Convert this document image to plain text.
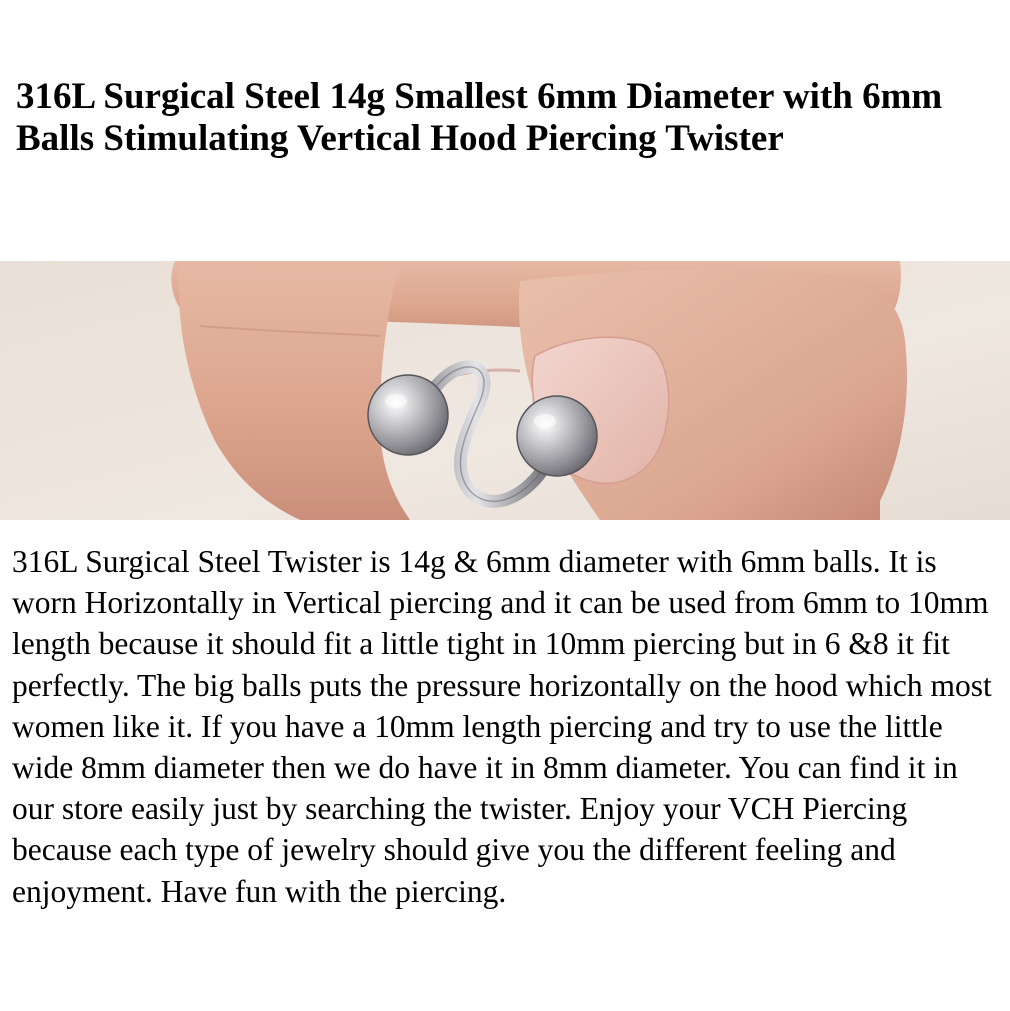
316L Surgical Steel 14g Smallest 6mm Diameter with 6mm Balls Stimulating Vertical Hood Piercing Twister

316L Surgical Steel Twister is 14g & 6mm diameter with 6mm balls. It is worn Horizontally in Vertical piercing and it can be used from 6mm to 10mm length because it should fit a little tight in 10mm piercing but in 6 &8 it fit perfectly. The big balls puts the pressure horizontally on the hood which most women like it. If you have a 10mm length piercing and try to use the little wide 8mm diameter then we do have it in 8mm diameter. You can find it in our store easily just by searching the twister. Enjoy your VCH Piercing because each type of jewelry should give you the different feeling and enjoyment. Have fun with the piercing.
